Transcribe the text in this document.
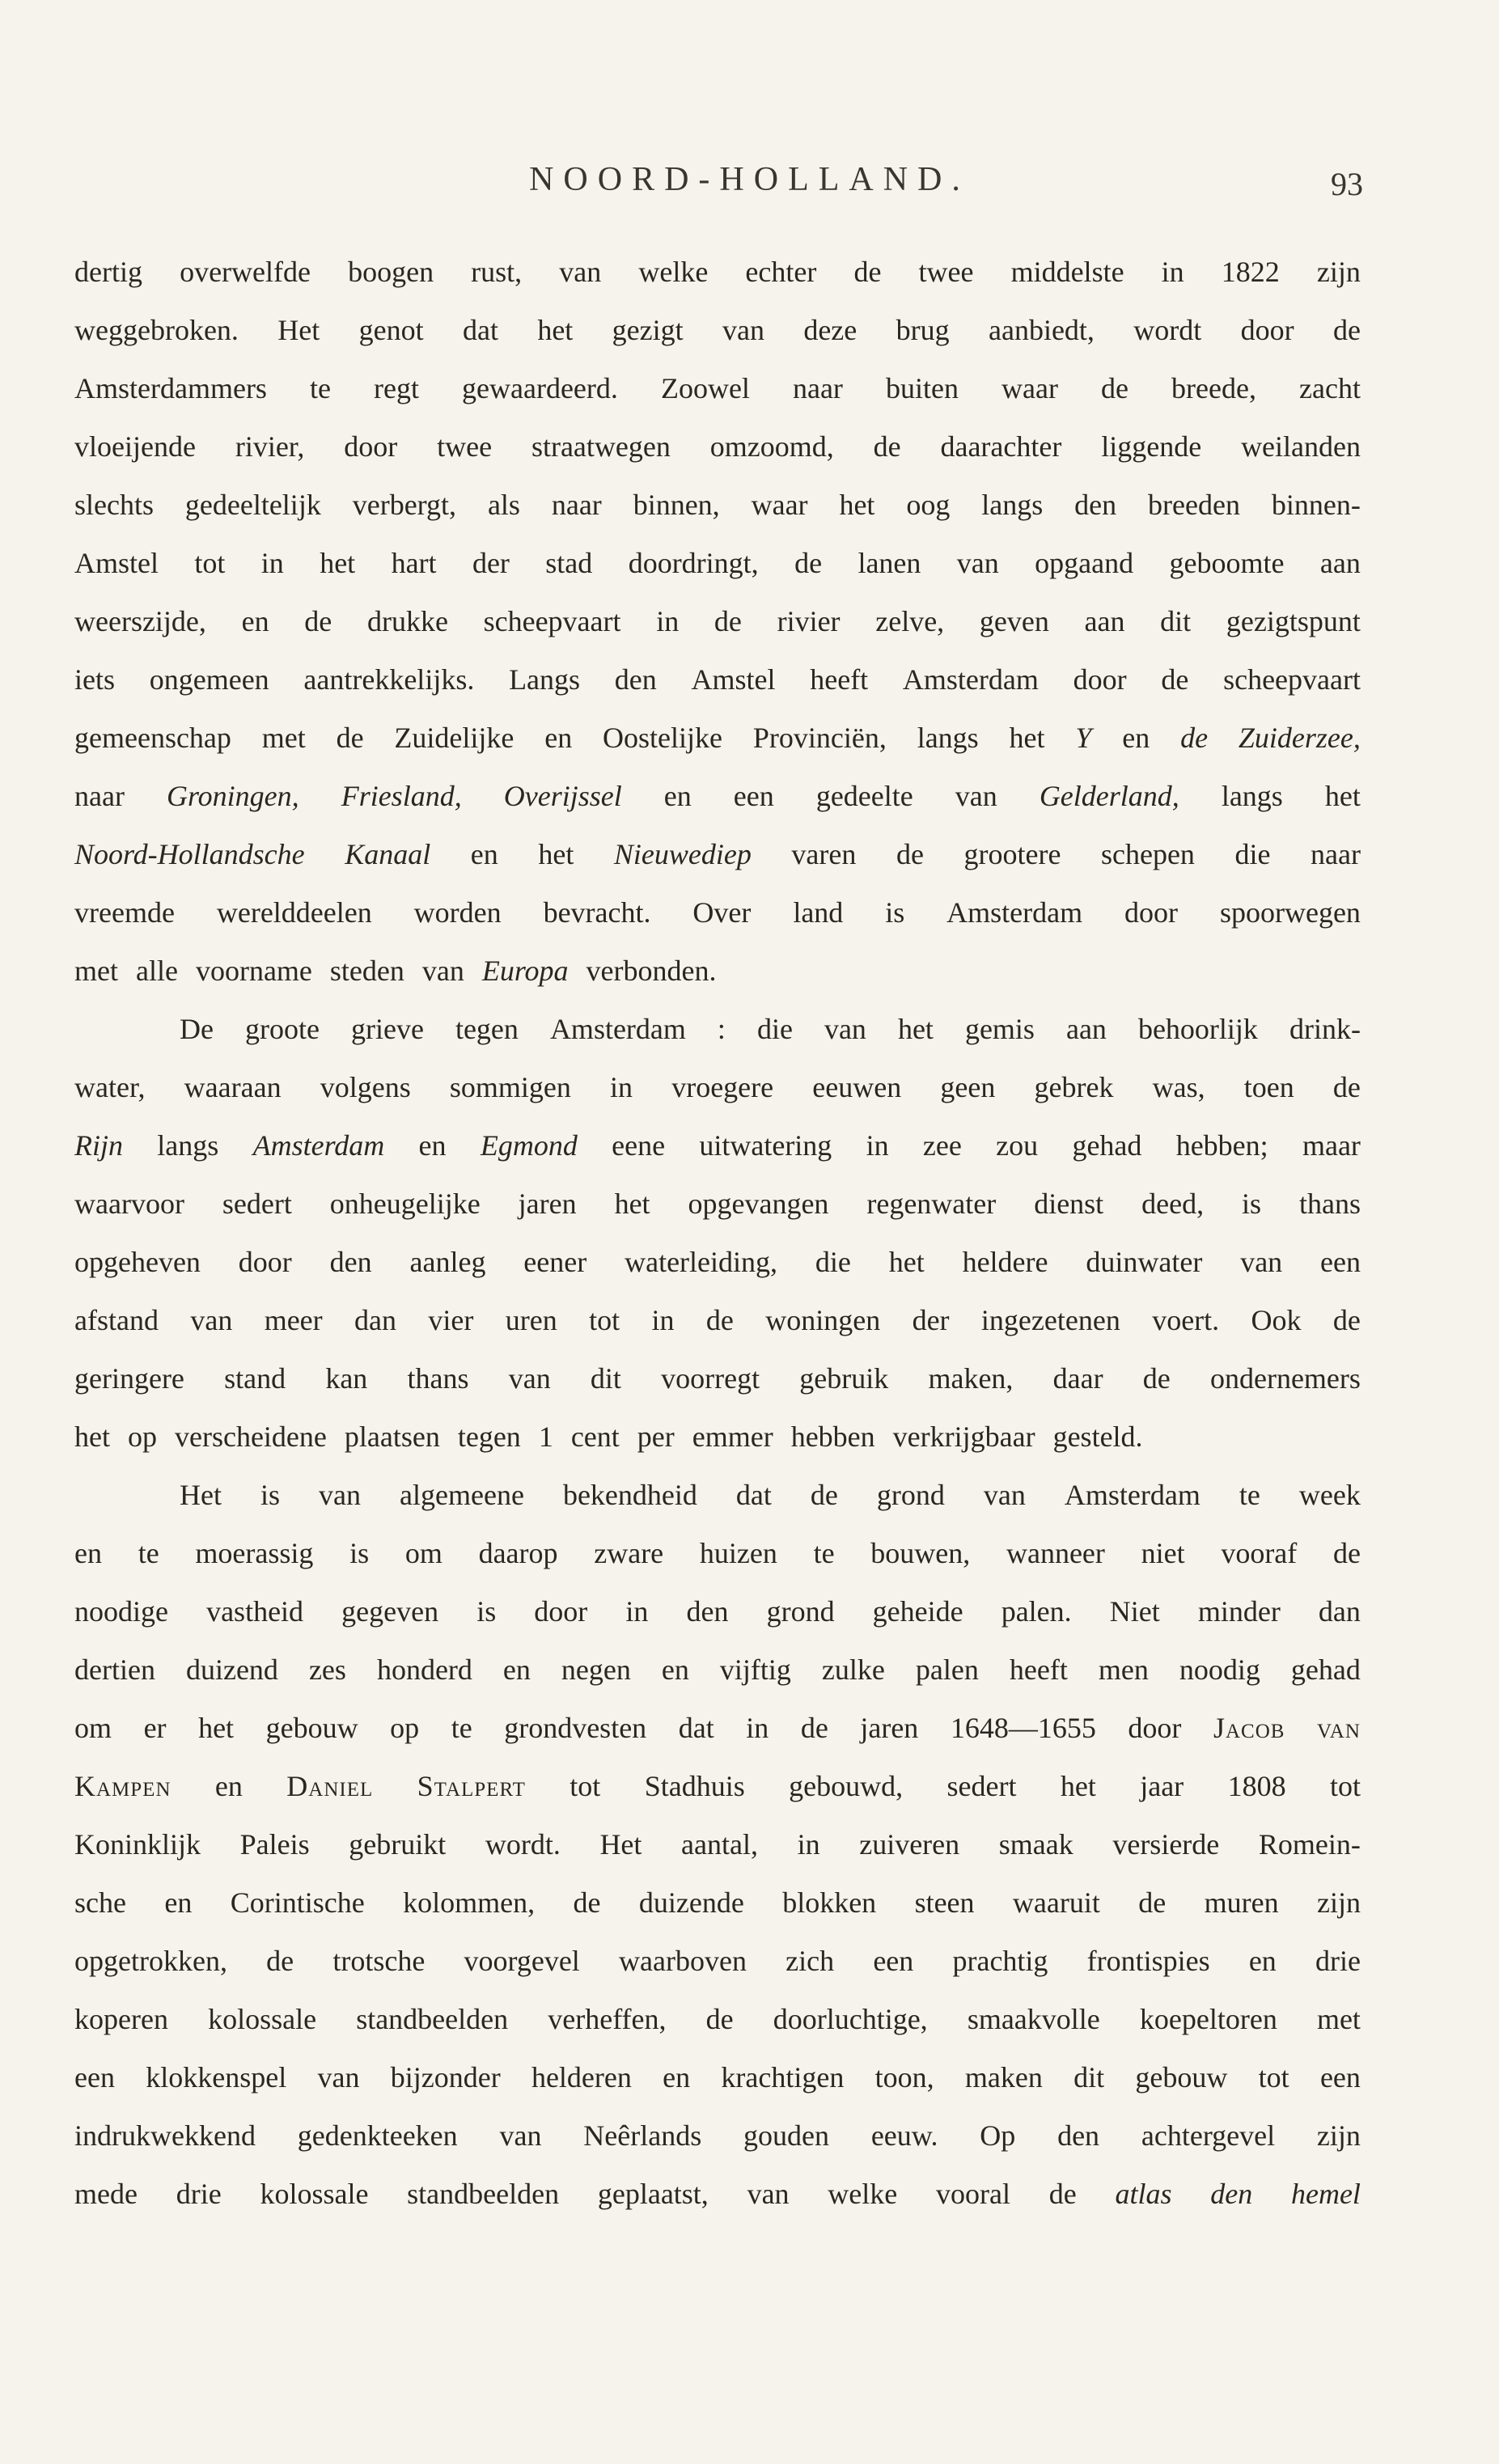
NOORD-HOLLAND.	93
dertig overwelfde boogen rust, van welke echter de twee middelste in 1822 zijn
weggebroken. Het genot dat het gezigt van deze brug aanbiedt, wordt door de
Amsterdammers te regt gewaardeerd. Zoowel naar buiten waar de breede, zacht
vloeijende rivier, door twee straatwegen omzoomd, de daarachter liggende weilanden
slechts gedeeltelijk verbergt, als naar binnen, waar het oog langs den breeden binnen-
Amstel tot in het hart der stad doordringt, de lanen van opgaand geboomte aan
weerszijde, en de drukke scheepvaart in de rivier zelve, geven aan dit gezigtspunt
iets ongemeen aantrekkelijks. Langs den Amstel heeft Amsterdam door de scheepvaart
gemeenschap met de Zuidelijke en Oostelijke Provinciën, langs het Y en de Zuiderzee,
naar Groningen, Friesland, Overijssel en een gedeelte van Gelderland, langs het
Noord-Hollandsche Kanaal en het Nieuwediep varen de grootere schepen die naar
vreemde werelddeelen worden bevracht. Over land is Amsterdam door spoorwegen
met alle voorname steden van Europa verbonden.
De groote grieve tegen Amsterdam : die van het gemis aan behoorlijk drink-
water, waaraan volgens sommigen in vroegere eeuwen geen gebrek was, toen de
Rijn langs Amsterdam en Egmond eene uitwatering in zee zou gehad hebben; maar
waarvoor sedert onheugelijke jaren het opgevangen regenwater dienst deed, is thans
opgeheven door den aanleg eener waterleiding, die het heldere duinwater van een
afstand van meer dan vier uren tot in de woningen der ingezetenen voert. Ook de
geringere stand kan thans van dit voorregt gebruik maken, daar de ondernemers
het op verscheidene plaatsen tegen 1 cent per emmer hebben verkrijgbaar gesteld.
Het is van algemeene bekendheid dat de grond van Amsterdam te week
en te moerassig is om daarop zware huizen te bouwen, wanneer niet vooraf de
noodige vastheid gegeven is door in den grond geheide palen. Niet minder dan
dertien duizend zes honderd en negen en vijftig zulke palen heeft men noodig gehad
om er het gebouw op te grondvesten dat in de jaren 1648—1655 door Jacob van
Kampen en Daniel Stalpert tot Stadhuis gebouwd, sedert het jaar 1808 tot
Koninklijk Paleis gebruikt wordt. Het aantal, in zuiveren smaak versierde Romein-
sche en Corintische kolommen, de duizende blokken steen waaruit de muren zijn
opgetrokken, de trotsche voorgevel waarboven zich een prachtig frontispies en drie
koperen kolossale standbeelden verheffen, de doorluchtige, smaakvolle koepeltoren met
een klokkenspel van bijzonder helderen en krachtigen toon, maken dit gebouw tot een
indrukwekkend gedenkteeken van Neêrlands gouden eeuw. Op den achtergevel zijn
mede drie kolossale standbeelden geplaatst, van welke vooral de atlas den hemel
